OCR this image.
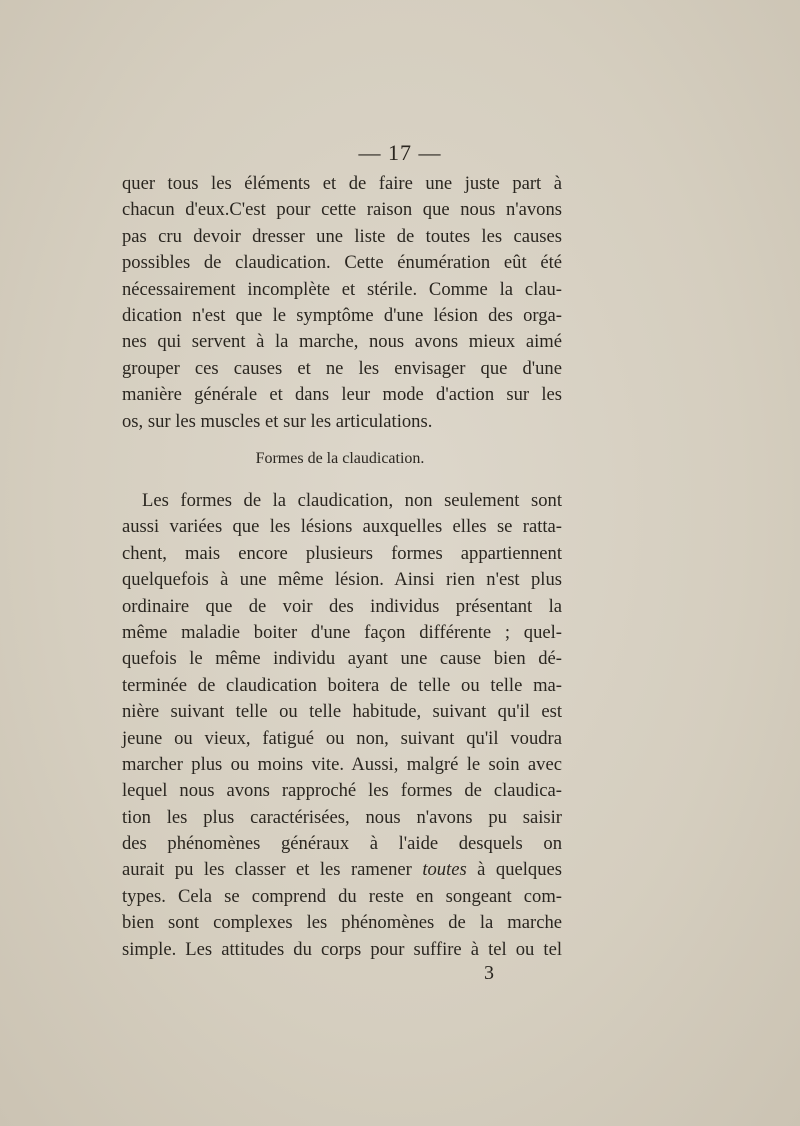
— 17 —
quer tous les éléments et de faire une juste part à
chacun d'eux.C'est pour cette raison que nous n'avons
pas cru devoir dresser une liste de toutes les causes
possibles de claudication. Cette énumération eût été
nécessairement incomplète et stérile. Comme la clau-
dication n'est que le symptôme d'une lésion des orga-
nes qui servent à la marche, nous avons mieux aimé
grouper ces causes et ne les envisager que d'une
manière générale et dans leur mode d'action sur les
os, sur les muscles et sur les articulations.
Formes de la claudication.
Les formes de la claudication, non seulement sont
aussi variées que les lésions auxquelles elles se ratta-
chent, mais encore plusieurs formes appartiennent
quelquefois à une même lésion. Ainsi rien n'est plus
ordinaire que de voir des individus présentant la
même maladie boiter d'une façon différente ; quel-
quefois le même individu ayant une cause bien dé-
terminée de claudication boitera de telle ou telle ma-
nière suivant telle ou telle habitude, suivant qu'il est
jeune ou vieux, fatigué ou non, suivant qu'il voudra
marcher plus ou moins vite. Aussi, malgré le soin avec
lequel nous avons rapproché les formes de claudica-
tion les plus caractérisées, nous n'avons pu saisir
des phénomènes généraux à l'aide desquels on
aurait pu les classer et les ramener toutes à quelques
types. Cela se comprend du reste en songeant com-
bien sont complexes les phénomènes de la marche
simple. Les attitudes du corps pour suffire à tel ou tel
3
